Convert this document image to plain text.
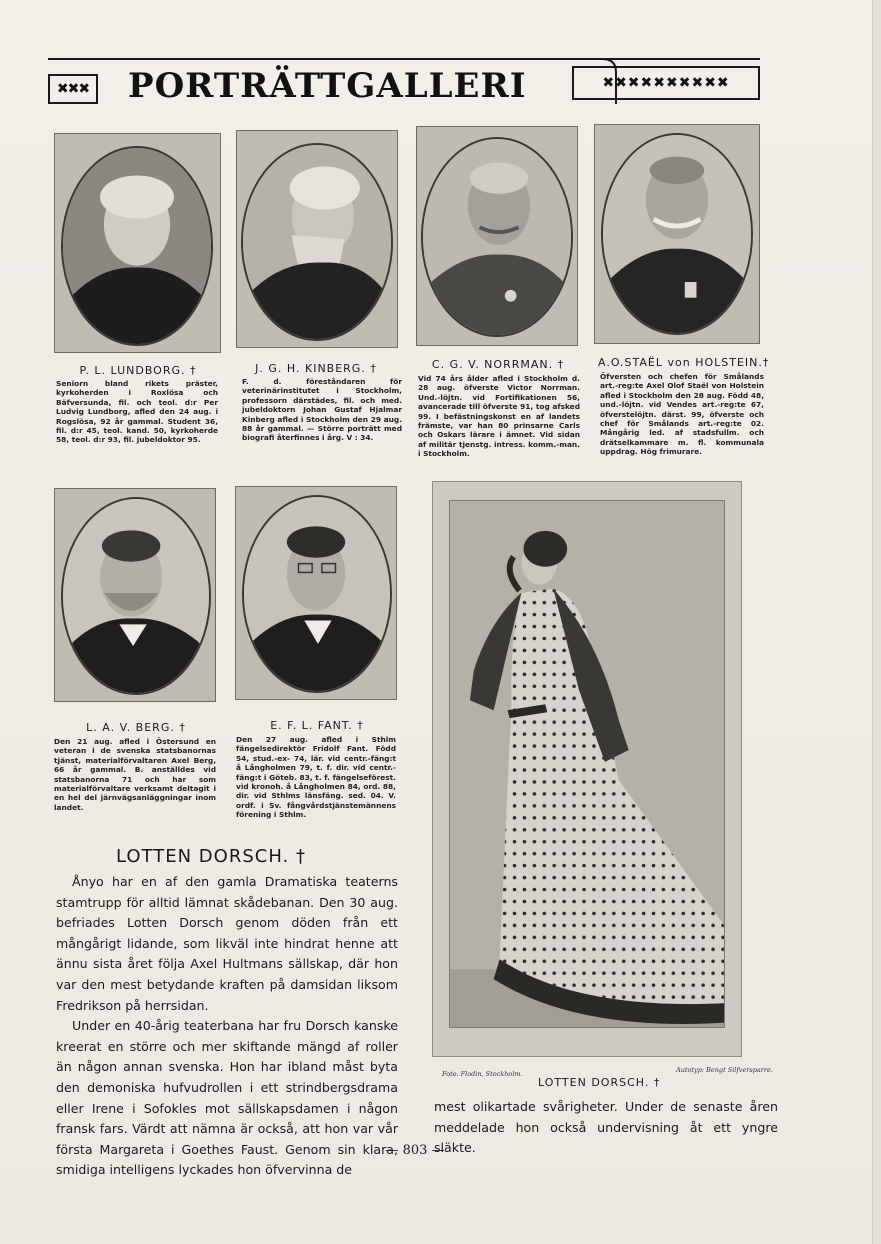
✖✖✖ PORTRÄTTGALLERI	✖✖✖✖✖✖✖✖✖✖
P. L. LUNDBORG. †
Seniorn bland rikets präster, kyrkoherden i Roxlösa och Bäfversunda, fil. och teol. d:r Per Ludvig Lundborg, afled den 24 aug. i Rogslösa, 92 år gammal. Student 36, fil. d:r 45, teol. kand. 50, kyrkoherde 58, teol. d:r 93, fil. jubeldoktor 95.
J. G. H. KINBERG. †
F. d. föreståndaren för veterinärinstitutet i Stockholm, professorn därstädes, fil. och med. jubeldoktorn Johan Gustaf Hjalmar Kinberg afled i Stockholm den 29 aug. 88 år gammal. — Större porträtt med biografi återfinnes i årg. V : 34.
C. G. V. NORRMAN. †
Vid 74 års ålder afled i Stockholm d. 28 aug. öfverste Victor Norrman. Und.-löjtn. vid Fortifikationen 56, avancerade till öfverste 91, tog afsked 99. I befästningskonst en af landets främste, var han 80 prinsarne Carls och Oskars lärare i ämnet. Vid sidan af militär tjenstg. intress. komm.-man. i Stockholm.
A.O.STAËL von HOLSTEIN.†
Öfversten och chefen för Smålands art.-reg:te Axel Olof Staël von Holstein afled i Stockholm den 28 aug. Född 48, und.-löjtn. vid Vendes art.-reg:te 67, öfverstelöjtn. därst. 99, öfverste och chef för Smålands art.-reg:te 02. Mångårig led. af stadsfullm. och drätselkammare m. fl. kommunala uppdrag. Hög frimurare.
L. A. V. BERG. †
Den 21 aug. afled i Östersund en veteran i de svenska statsbanornas tjänst, materialförvaltaren Axel Berg, 66 år gammal. B. anställdes vid statsbanorna 71 och har som materialförvaltare verksamt deltagit i en hel del järnvägsanläggningar inom landet.
E. F. L. FANT. †
Den 27 aug. afled i Sthlm fängelsedirektör Fridolf Fant. Född 54, stud.-ex- 74, lär. vid centr.-fäng:t å Långholmen 79, t. f. dir. vid centr.-fäng:t i Göteb. 83, t. f. fängelseförest. vid kronoh. å Långholmen 84, ord. 88, dir. vid Sthlms länsfäng. sed. 04. V. ordf. i Sv. fångvårdstjänstemännens förening i Sthlm.
LOTTEN DORSCH. †

Ånyo har en af den gamla Dramatiska teaterns stamtrupp för alltid lämnat skådebanan. Den 30 aug. befriades Lotten Dorsch genom döden från ett mångårigt lidande, som likväl inte hindrat henne att ännu sista året följa Axel Hultmans sällskap, där hon var den mest betydande kraften på damsidan liksom Fredrikson på herrsidan.

Under en 40-årig teaterbana har fru Dorsch kanske kreerat en större och mer skiftande mängd af roller än någon annan svenska. Hon har ibland måst byta den demoniska hufvudrollen i ett strindbergsdrama eller Irene i Sofokles mot sällskapsdamen i någon fransk fars. Värdt att nämna är också, att hon var vår första Margareta i Goethes Faust. Genom sin klara, smidiga intelligens lyckades hon öfvervinna de

mest olikartade svårigheter. Under de senaste åren meddelade hon också undervisning åt ett yngre släkte.

Foto. Flodin, Stockholm.	Autotyp: Bengt Silfversparre.
LOTTEN DORSCH. †
— 803 —
